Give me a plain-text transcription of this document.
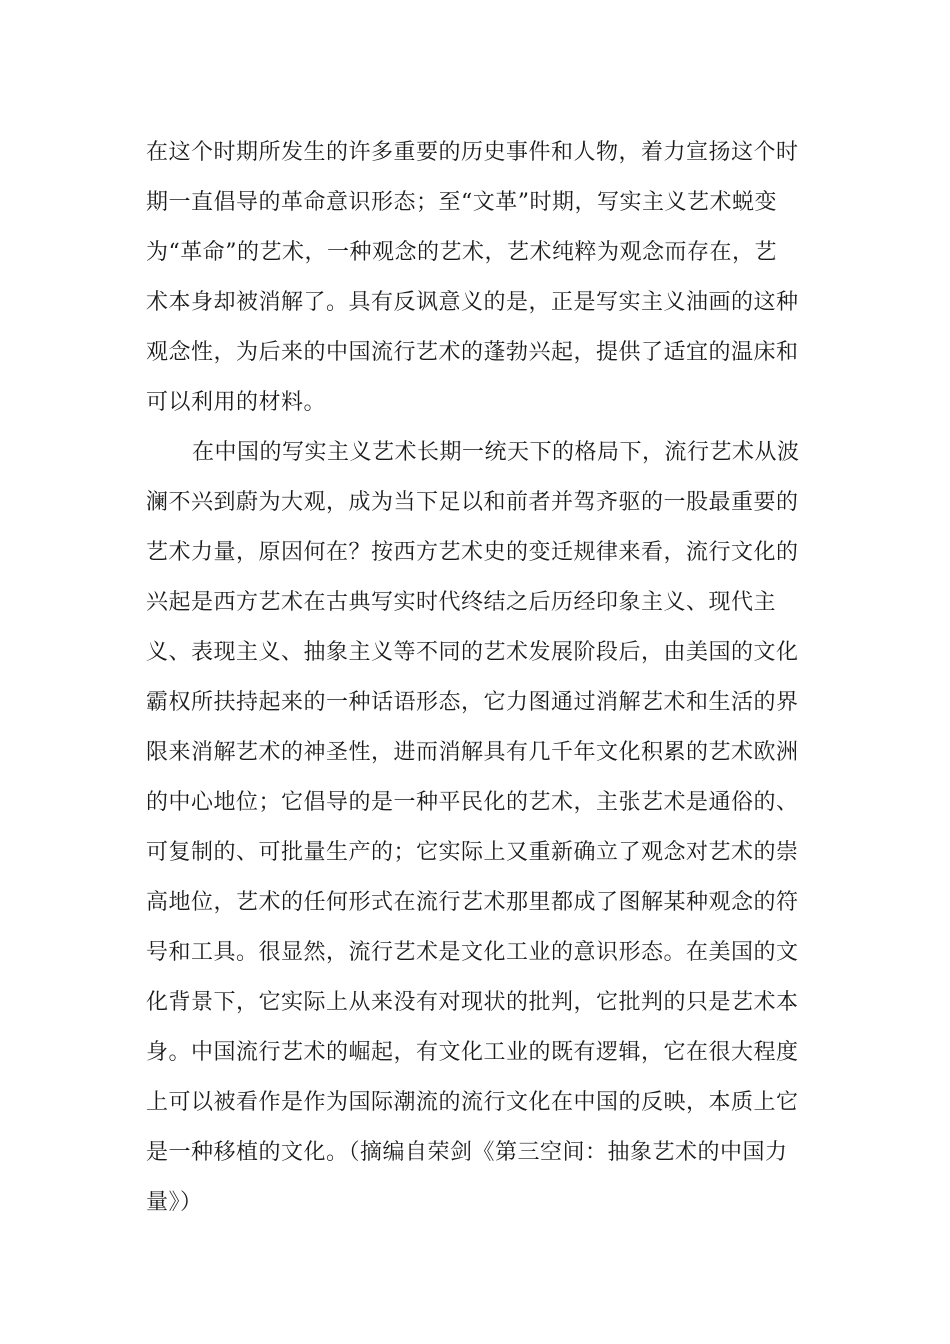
在这个时期所发生的许多重要的历史事件和人物，着力宣扬这个时
期一直倡导的革命意识形态；至“文革”时期，写实主义艺术蜕变
为“革命”的艺术，一种观念的艺术，艺术纯粹为观念而存在，艺
术本身却被消解了。具有反讽意义的是，正是写实主义油画的这种
观念性，为后来的中国流行艺术的蓬勃兴起，提供了适宜的温床和
可以利用的材料。
在中国的写实主义艺术长期一统天下的格局下，流行艺术从波
澜不兴到蔚为大观，成为当下足以和前者并驾齐驱的一股最重要的
艺术力量，原因何在？按西方艺术史的变迁规律来看，流行文化的
兴起是西方艺术在古典写实时代终结之后历经印象主义、现代主
义、表现主义、抽象主义等不同的艺术发展阶段后，由美国的文化
霸权所扶持起来的一种话语形态，它力图通过消解艺术和生活的界
限来消解艺术的神圣性，进而消解具有几千年文化积累的艺术欧洲
的中心地位；它倡导的是一种平民化的艺术，主张艺术是通俗的、
可复制的、可批量生产的；它实际上又重新确立了观念对艺术的崇
高地位，艺术的任何形式在流行艺术那里都成了图解某种观念的符
号和工具。很显然，流行艺术是文化工业的意识形态。在美国的文
化背景下，它实际上从来没有对现状的批判，它批判的只是艺术本
身。中国流行艺术的崛起，有文化工业的既有逻辑，它在很大程度
上可以被看作是作为国际潮流的流行文化在中国的反映，本质上它
是一种移植的文化。（摘编自荣剑《第三空间：抽象艺术的中国力
量》）
